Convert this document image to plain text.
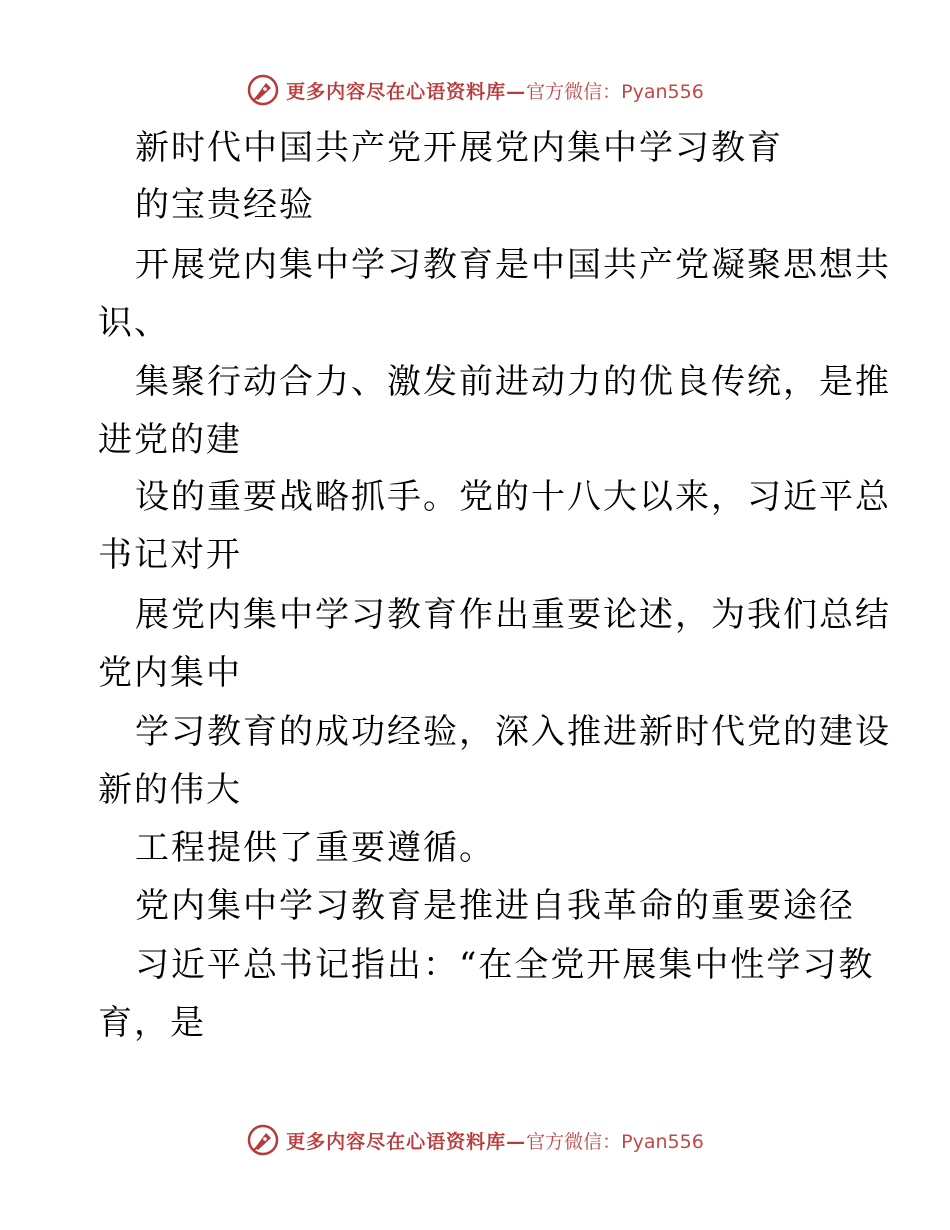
更多内容尽在心语资料库— 官方微信：Pyan556
新时代中国共产党开展党内集中学习教育
的宝贵经验
开展党内集中学习教育是中国共产党凝聚思想共
识、
集聚行动合力、激发前进动力的优良传统，是推
进党的建
设的重要战略抓手。党的十八大以来，习近平总
书记对开
展党内集中学习教育作出重要论述，为我们总结
党内集中
学习教育的成功经验，深入推进新时代党的建设
新的伟大
工程提供了重要遵循。
党内集中学习教育是推进自我革命的重要途径
习近平总书记指出：“在全党开展集中性学习教
育，是
更多内容尽在心语资料库— 官方微信：Pyan556
